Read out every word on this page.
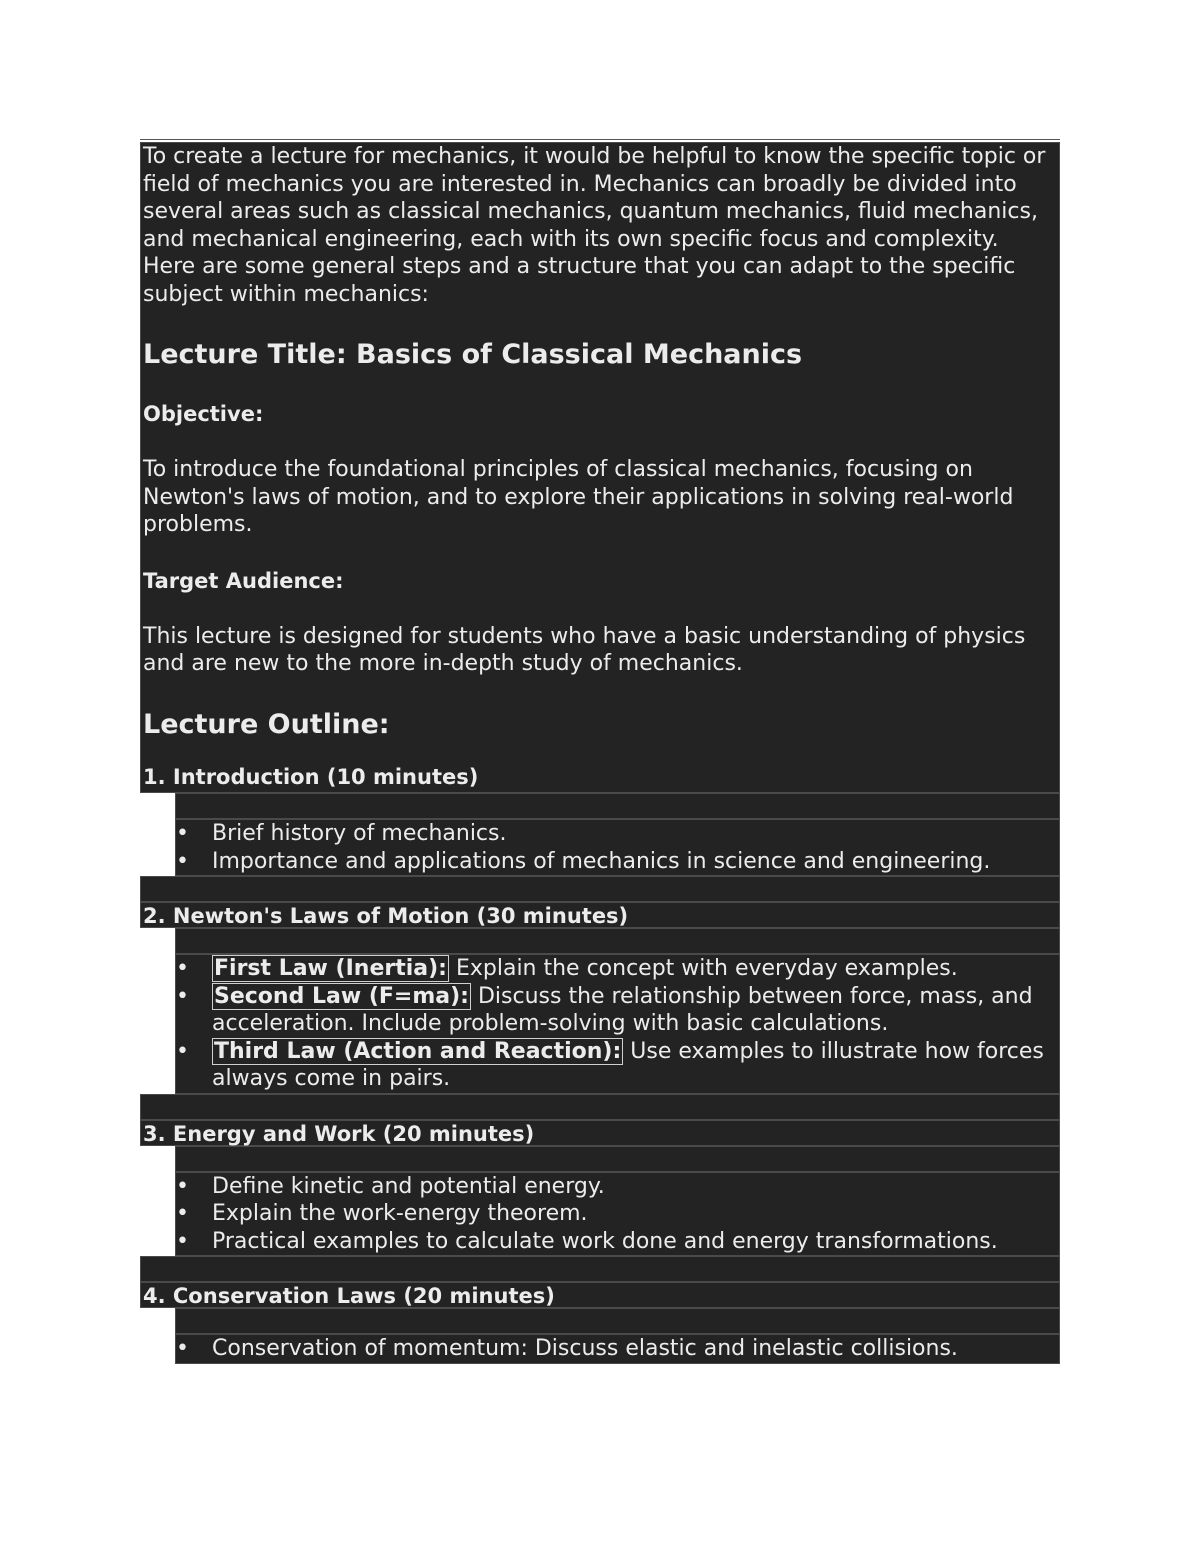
To create a lecture for mechanics, it would be helpful to know the specific topic or field of mechanics you are interested in. Mechanics can broadly be divided into several areas such as classical mechanics, quantum mechanics, fluid mechanics, and mechanical engineering, each with its own specific focus and complexity. Here are some general steps and a structure that you can adapt to the specific subject within mechanics:

Lecture Title: Basics of Classical Mechanics
Objective:

To introduce the foundational principles of classical mechanics, focusing on Newton's laws of motion, and to explore their applications in solving real-world problems.

Target Audience:

This lecture is designed for students who have a basic understanding of physics and are new to the more in-depth study of mechanics.

Lecture Outline:
1. Introduction (10 minutes)
• Brief history of mechanics.
• Importance and applications of mechanics in science and engineering.
2. Newton's Laws of Motion (30 minutes)
• First Law (Inertia): Explain the concept with everyday examples.
• Second Law (F=ma): Discuss the relationship between force, mass, and acceleration. Include problem-solving with basic calculations.
• Third Law (Action and Reaction): Use examples to illustrate how forces always come in pairs.
3. Energy and Work (20 minutes)
• Define kinetic and potential energy.
• Explain the work-energy theorem.
• Practical examples to calculate work done and energy transformations.
4. Conservation Laws (20 minutes)
• Conservation of momentum: Discuss elastic and inelastic collisions.
